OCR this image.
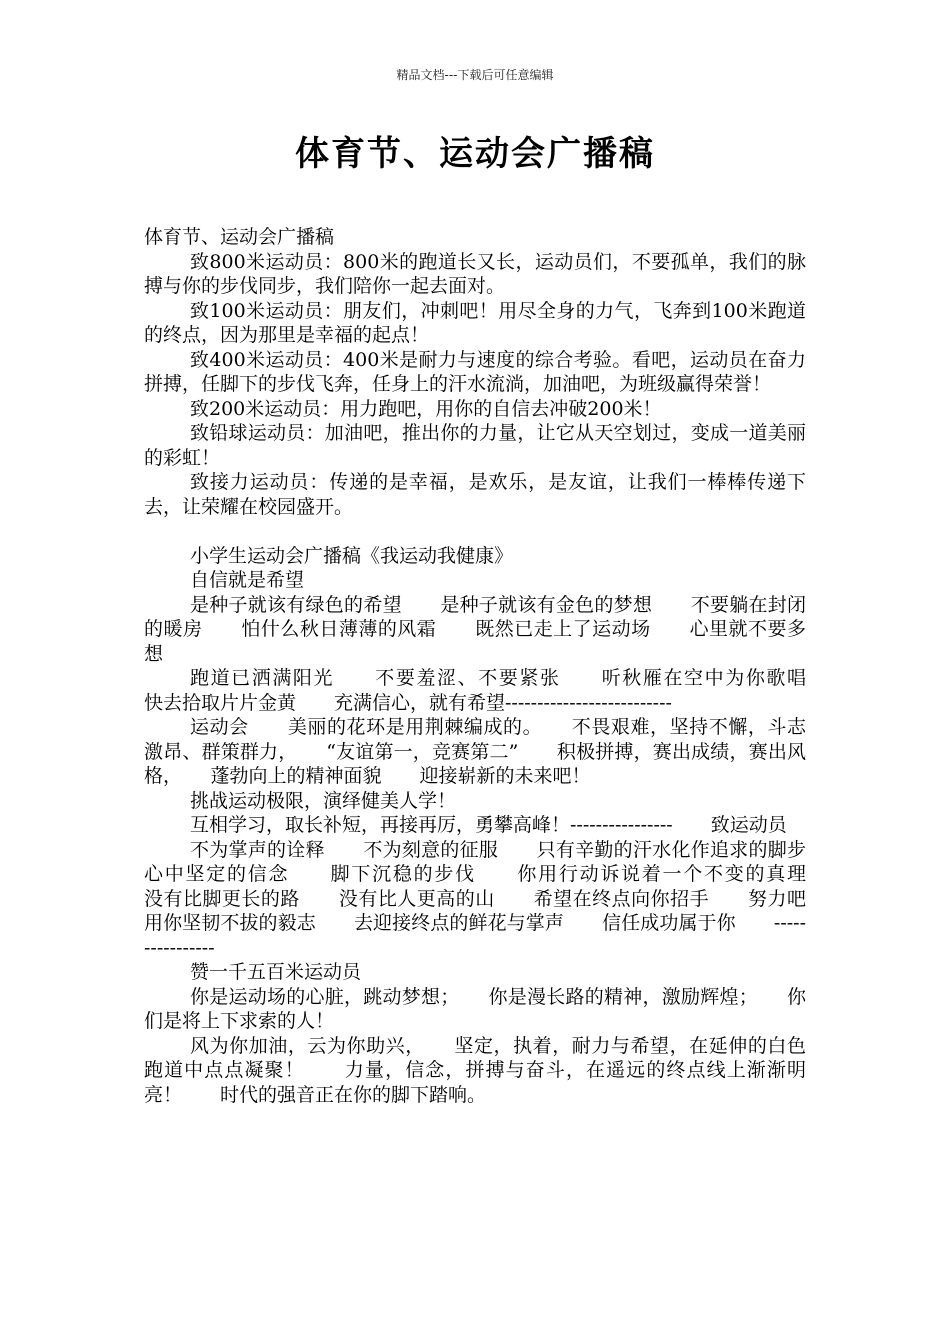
精品文档---下载后可任意编辑
体育节、运动会广播稿

体育节、运动会广播稿

致800米运动员：800米的跑道长又长，运动员们，不要孤单，我们的脉搏与你的步伐同步，我们陪你一起去面对。

致100米运动员：朋友们，冲刺吧！用尽全身的力气，飞奔到100米跑道的终点，因为那里是幸福的起点！

致400米运动员：400米是耐力与速度的综合考验。看吧，运动员在奋力拼搏，任脚下的步伐飞奔，任身上的汗水流淌，加油吧，为班级赢得荣誉！

致200米运动员：用力跑吧，用你的自信去冲破200米！

致铅球运动员：加油吧，推出你的力量，让它从天空划过，变成一道美丽的彩虹！

致接力运动员：传递的是幸福，是欢乐，是友谊，让我们一棒棒传递下去，让荣耀在校园盛开。

小学生运动会广播稿《我运动我健康》

自信就是希望

是种子就该有绿色的希望　　是种子就该有金色的梦想　　不要躺在封闭的暖房　　怕什么秋日薄薄的风霜　　既然已走上了运动场　　心里就不要多想

跑道已洒满阳光　　不要羞涩、不要紧张　　听秋雁在空中为你歌唱　　快去拾取片片金黄　　充满信心，就有希望--------------------------

运动会　　美丽的花环是用荆棘编成的。　　不畏艰难，坚持不懈，斗志激昂、群策群力，　　“友谊第一，竞赛第二”　　积极拼搏，赛出成绩，赛出风格，　　蓬勃向上的精神面貌　　迎接崭新的未来吧！

挑战运动极限，演绎健美人学！

互相学习，取长补短，再接再厉，勇攀高峰！----------------　　致运动员

不为掌声的诠释　　不为刻意的征服　　只有辛勤的汗水化作追求的脚步　　心中坚定的信念　　脚下沉稳的步伐　　你用行动诉说着一个不变的真理　　没有比脚更长的路　　没有比人更高的山　　希望在终点向你招手　　努力吧用你坚韧不拔的毅志　　去迎接终点的鲜花与掌声　　信任成功属于你　　----------------

赞一千五百米运动员

你是运动场的心脏，跳动梦想；　　你是漫长路的精神，激励辉煌；　　你们是将上下求索的人！

风为你加油，云为你助兴，　　坚定，执着，耐力与希望，在延伸的白色跑道中点点凝聚！　　力量，信念，拼搏与奋斗，在遥远的终点线上渐渐明亮！　　时代的强音正在你的脚下踏响。
